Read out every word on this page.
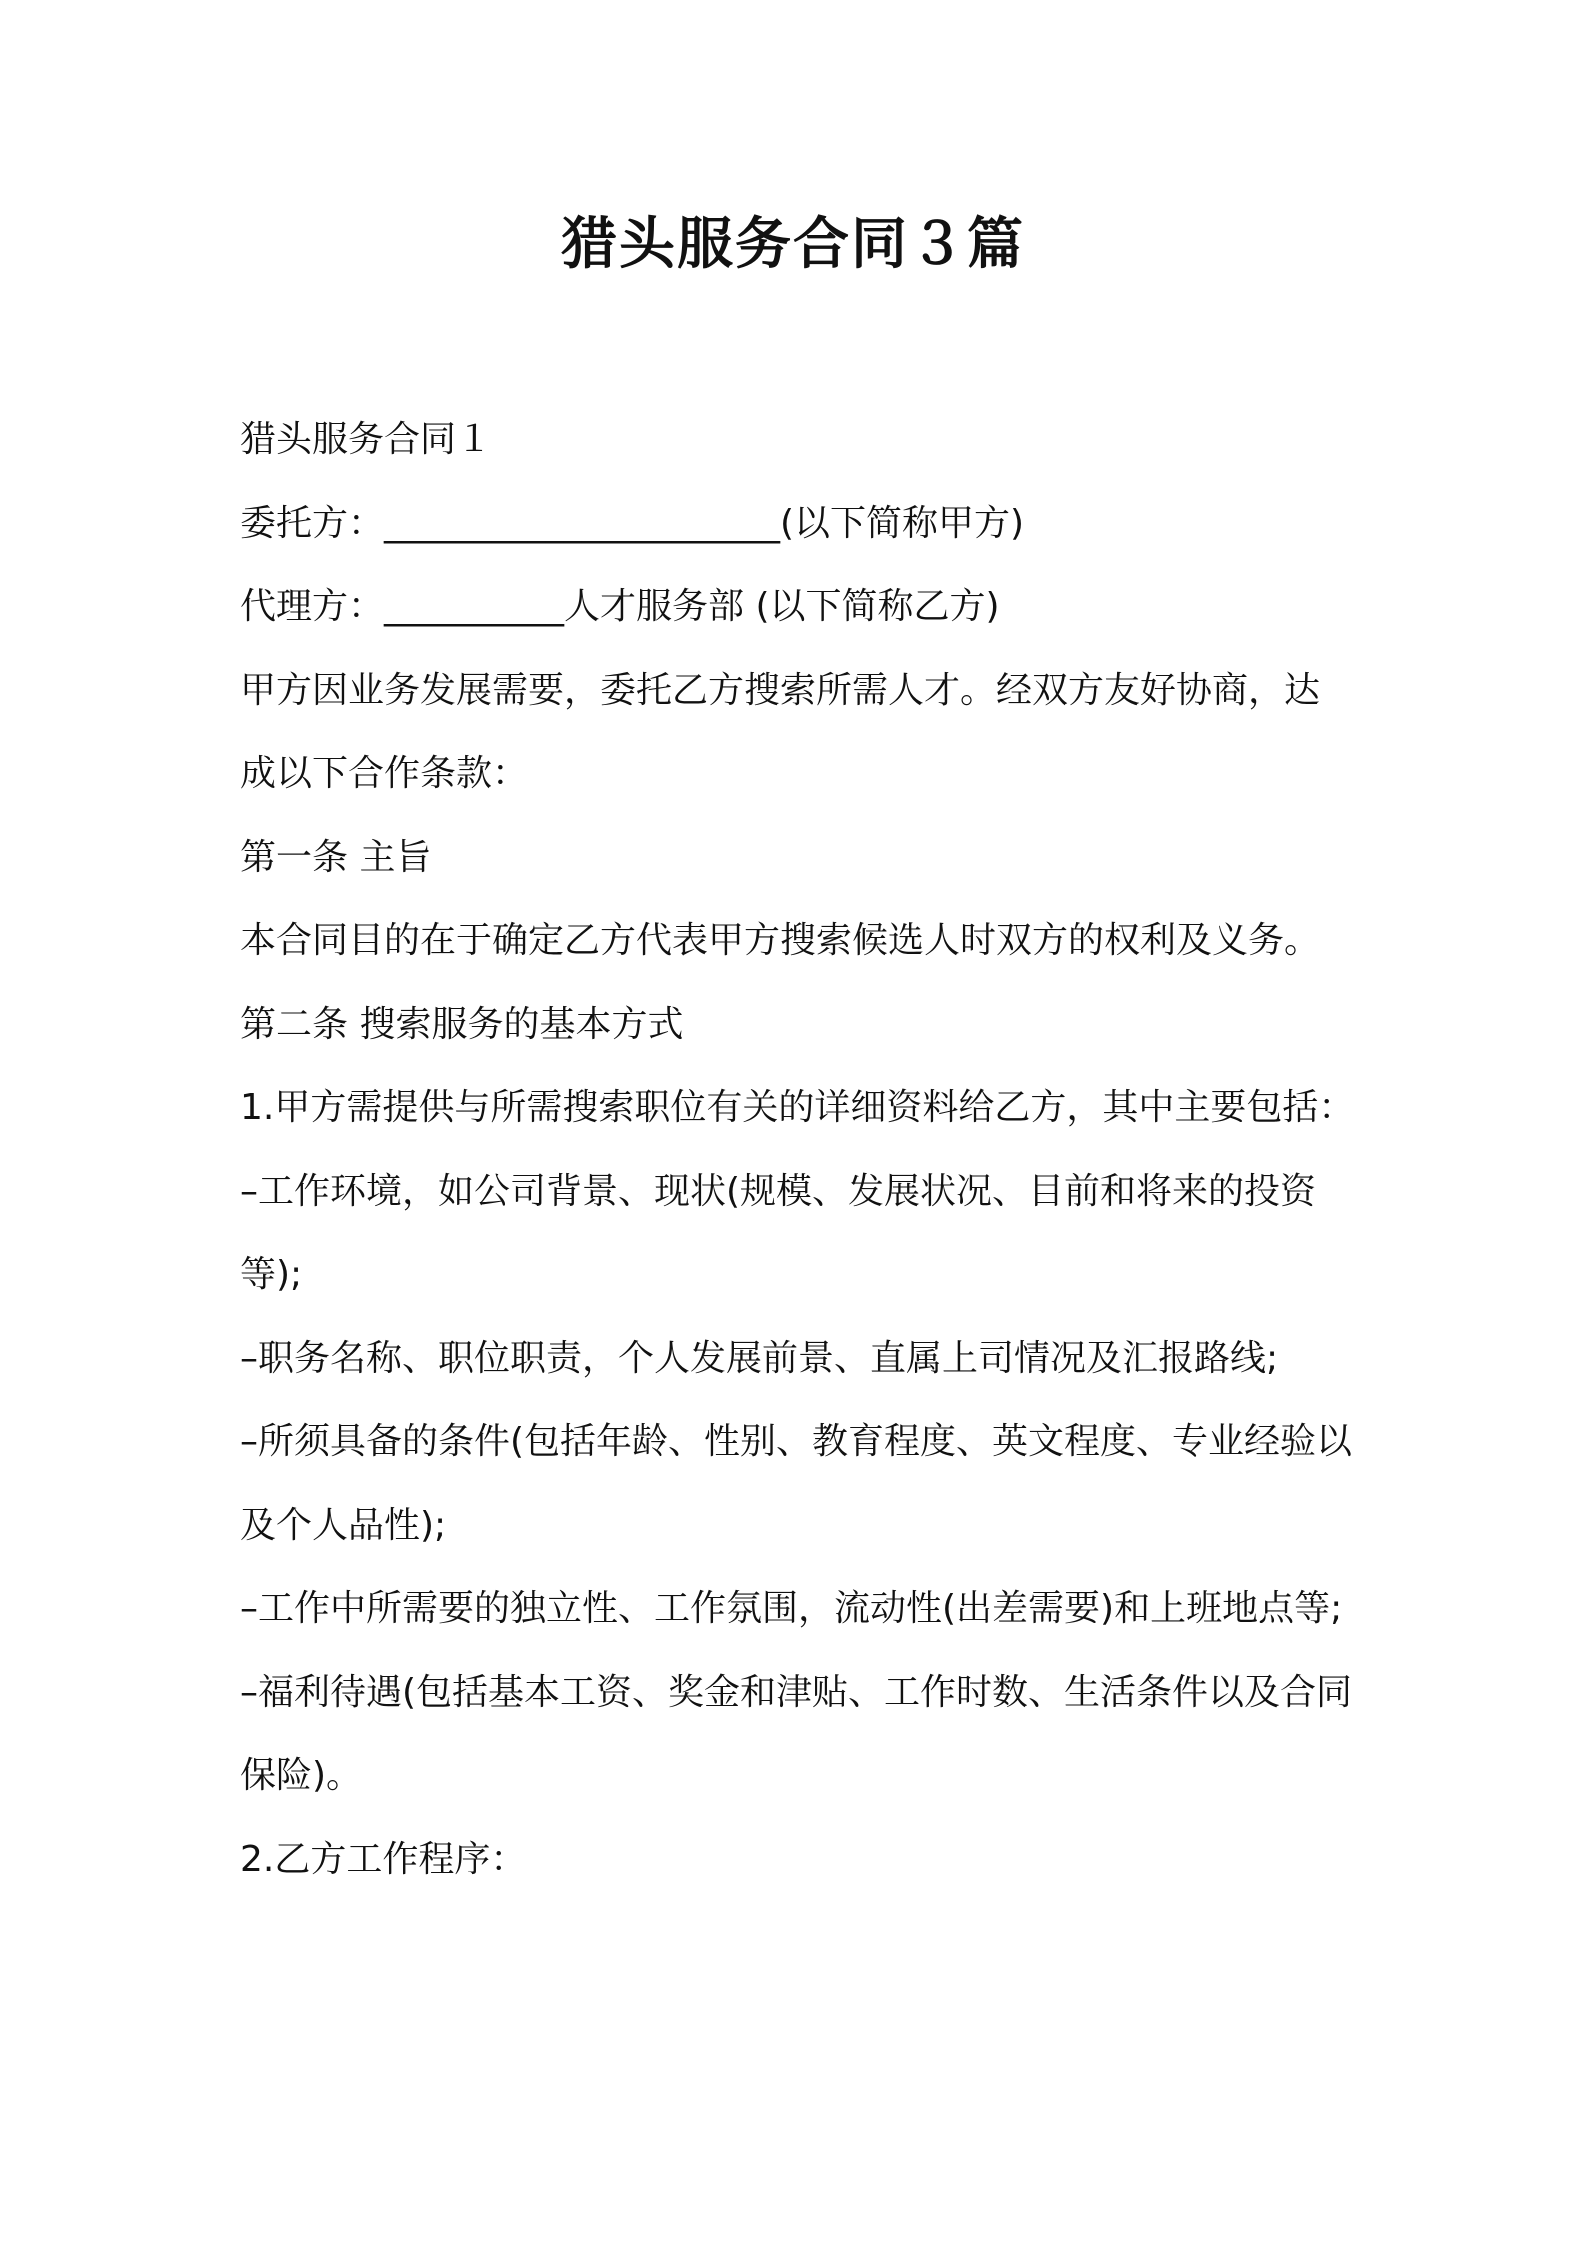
猎头服务合同３篇

猎头服务合同１

委托方：______________________(以下简称甲方)

代理方：__________人才服务部 (以下简称乙方)

甲方因业务发展需要，委托乙方搜索所需人才。经双方友好协商，达成以下合作条款：

第一条 主旨

本合同目的在于确定乙方代表甲方搜索候选人时双方的权利及义务。

第二条 搜索服务的基本方式

1.甲方需提供与所需搜索职位有关的详细资料给乙方，其中主要包括：

–工作环境，如公司背景、现状(规模、发展状况、目前和将来的投资等);

–职务名称、职位职责，个人发展前景、直属上司情况及汇报路线;

–所须具备的条件(包括年龄、性别、教育程度、英文程度、专业经验以及个人品性);

–工作中所需要的独立性、工作氛围，流动性(出差需要)和上班地点等;

–福利待遇(包括基本工资、奖金和津贴、工作时数、生活条件以及合同保险)。

2.乙方工作程序：
